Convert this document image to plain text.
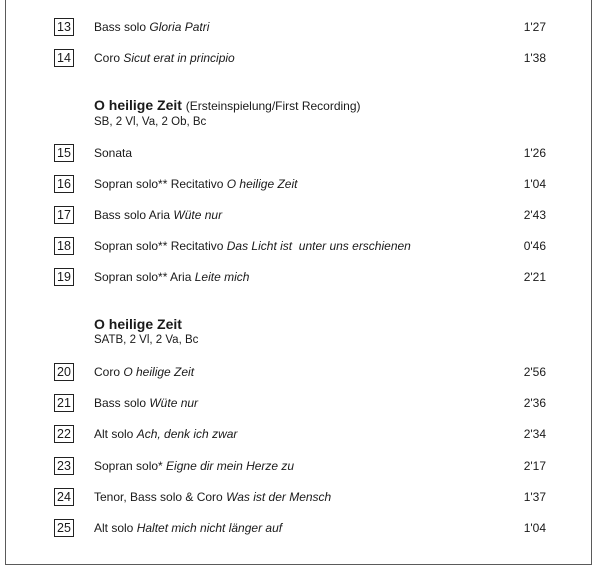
13 Bass solo Gloria Patri	1'27
14 Coro Sicut erat in principio	1'38
O heilige Zeit (Ersteinspielung/First Recording)
SB, 2 Vl, Va, 2 Ob, Bc
15 Sonata	1'26
16 Sopran solo** Recitativo O heilige Zeit	1'04
17 Bass solo Aria Wüte nur	2'43
18 Sopran solo** Recitativo Das Licht ist  unter uns erschienen	0'46
19 Sopran solo** Aria Leite mich	2'21
O heilige Zeit
SATB, 2 Vl, 2 Va, Bc
20 Coro O heilige Zeit	2'56
21 Bass solo Wüte nur	2'36
22 Alt solo Ach, denk ich zwar	2'34
23 Sopran solo* Eigne dir mein Herze zu	2'17
24 Tenor, Bass solo & Coro Was ist der Mensch	1'37
25 Alt solo Haltet mich nicht länger auf	1'04
